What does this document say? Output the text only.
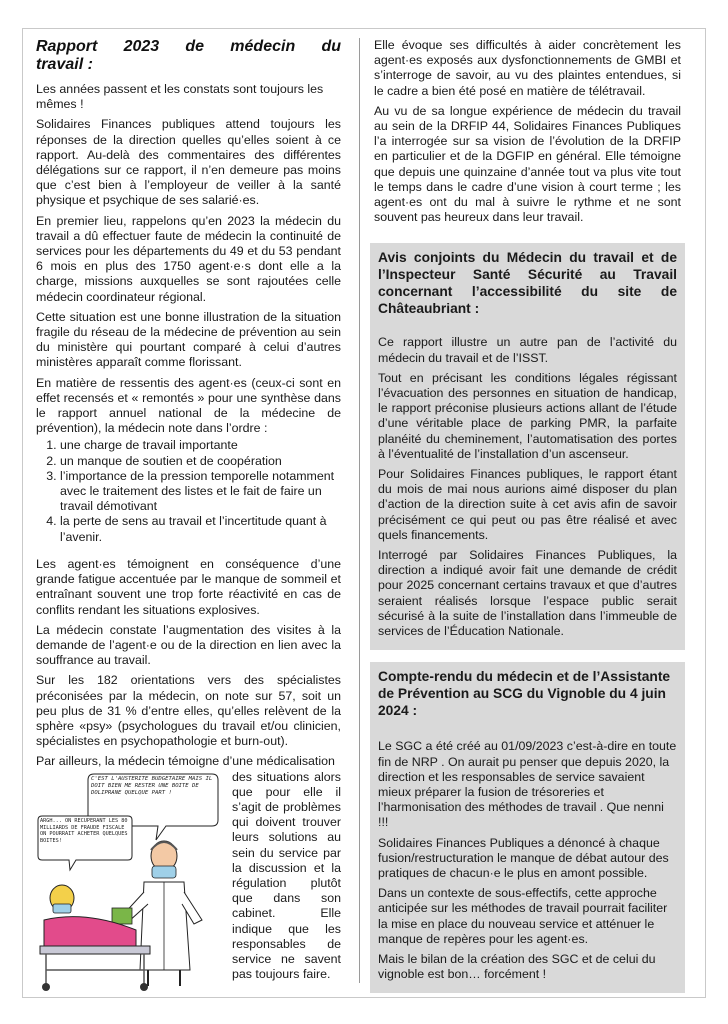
Rapport 2023 de médecin du
travail :

Les années passent et les constats sont toujours les mêmes !

Solidaires Finances publiques attend toujours les réponses de la direction quelles qu’elles soient à ce rapport. Au-delà des commentaires des différentes délégations sur ce rapport, il n’en demeure pas moins que c’est bien à l’employeur de veiller à la santé physique et psychique de ses salarié·es.

En premier lieu, rappelons qu’en 2023 la médecin du travail a dû effectuer faute de médecin la continuité de services pour les départements du 49 et du 53 pendant 6 mois en plus des 1750 agent·e·s dont elle a la charge, missions auxquelles se sont rajoutées celle médecin coordinateur régional.

Cette situation est une bonne illustration de la situation fragile du réseau de la médecine de prévention au sein du ministère qui pourtant comparé à celui d’autres ministères apparaît comme florissant.

En matière de ressentis des agent·es (ceux-ci sont en effet recensés et « remontés » pour une synthèse dans le rapport annuel national de la médecine de prévention), la médecin note dans l’ordre :

1. une charge de travail importante
2. un manque de soutien et de coopération
3. l’importance de la pression temporelle notamment avec le traitement des listes et le fait de faire un travail démotivant
4. la perte de sens au travail et l’incertitude quant à l’avenir.

Les agent·es témoignent en conséquence d’une grande fatigue accentuée par le manque de sommeil et entraînant souvent une trop forte réactivité en cas de conflits rendant les situations explosives.

La médecin constate l’augmentation des visites à la demande de l’agent·e ou de la direction en lien avec la souffrance au travail.

Sur les 182 orientations vers des spécialistes préconisées par la médecin, on note sur 57, soit un peu plus de 31 % d’entre elles, qu’elles relèvent de la sphère «psy» (psychologues du travail et/ou clinicien, spécialistes en psychopathologie et burn-out).

Par ailleurs, la médecin témoigne d’une médicalisation

C'EST L'AUSTÉRITÉ BUDGÉTAIRE MAIS IL DOIT BIEN ME RESTER UNE BOITE DE DOLIPRANE QUELQUE PART !
ARGH... ON RÉCUPÉRANT LES 80 MILLIARDS DE FRAUDE FISCALE ON POURRAIT ACHETER QUELQUES BOITES!

des situations alors que pour elle il s’agit de problèmes qui doivent trouver leurs solutions au sein du service par la discussion et la régulation plutôt que dans son cabinet. Elle indique que les responsables de service ne savent pas toujours faire.

Elle évoque ses difficultés à aider concrètement les agent·es exposés aux dysfonctionnements de GMBI et s’interroge de savoir, au vu des plaintes entendues, si le cadre a bien été posé en matière de télétravail.

Au vu de sa longue expérience de médecin du travail au sein de la DRFIP 44, Solidaires Finances Publiques l’a interrogée sur sa vision de l’évolution de la DRFIP en particulier et de la DGFIP en général. Elle témoigne que depuis une quinzaine d’année tout va plus vite tout le temps dans le cadre d’une vision à court terme ; les agent·es ont du mal à suivre le rythme et ne sont souvent pas heureux dans leur travail.

Avis conjoints du Médecin du travail et de l’Inspecteur Santé Sécurité au Travail concernant l’accessibilité du site de Châteaubriant :

Ce rapport illustre un autre pan de l’activité du médecin du travail et de l’ISST.

Tout en précisant les conditions légales régissant l’évacuation des personnes en situation de handicap, le rapport préconise plusieurs actions allant de l’étude d’une véritable place de parking PMR, la parfaite planéité du cheminement, l’automatisation des portes à l’éventualité de l’installation d’un ascenseur.

Pour Solidaires Finances publiques, le rapport étant du mois de mai nous aurions aimé disposer du plan d’action de la direction suite à cet avis afin de savoir précisément ce qui peut ou pas être réalisé et avec quels financements.

Interrogé par Solidaires Finances Publiques, la direction a indiqué avoir fait une demande de crédit pour 2025 concernant certains travaux et que d’autres seraient réalisés lorsque l’espace public serait sécurisé à la suite de l’installation dans l’immeuble de services de l’Éducation Nationale.

Compte-rendu du médecin et de l’Assistante de Prévention au SCG du Vignoble du 4 juin 2024 :

Le SGC a été créé au 01/09/2023 c’est-à-dire en toute fin de NRP . On aurait pu penser que depuis 2020, la direction et les responsables de service savaient mieux préparer la fusion de trésoreries et l’harmonisation des méthodes de travail . Que nenni !!!

Solidaires Finances Publiques a dénoncé à chaque fusion/restructuration le manque de débat autour des pratiques de chacun·e le plus en amont possible.

Dans un contexte de sous-effectifs, cette approche anticipée sur les méthodes de travail pourrait faciliter la mise en place du nouveau service et atténuer le manque de repères pour les agent·es.

Mais le bilan de la création des SGC et de celui du vignoble est bon… forcément !
